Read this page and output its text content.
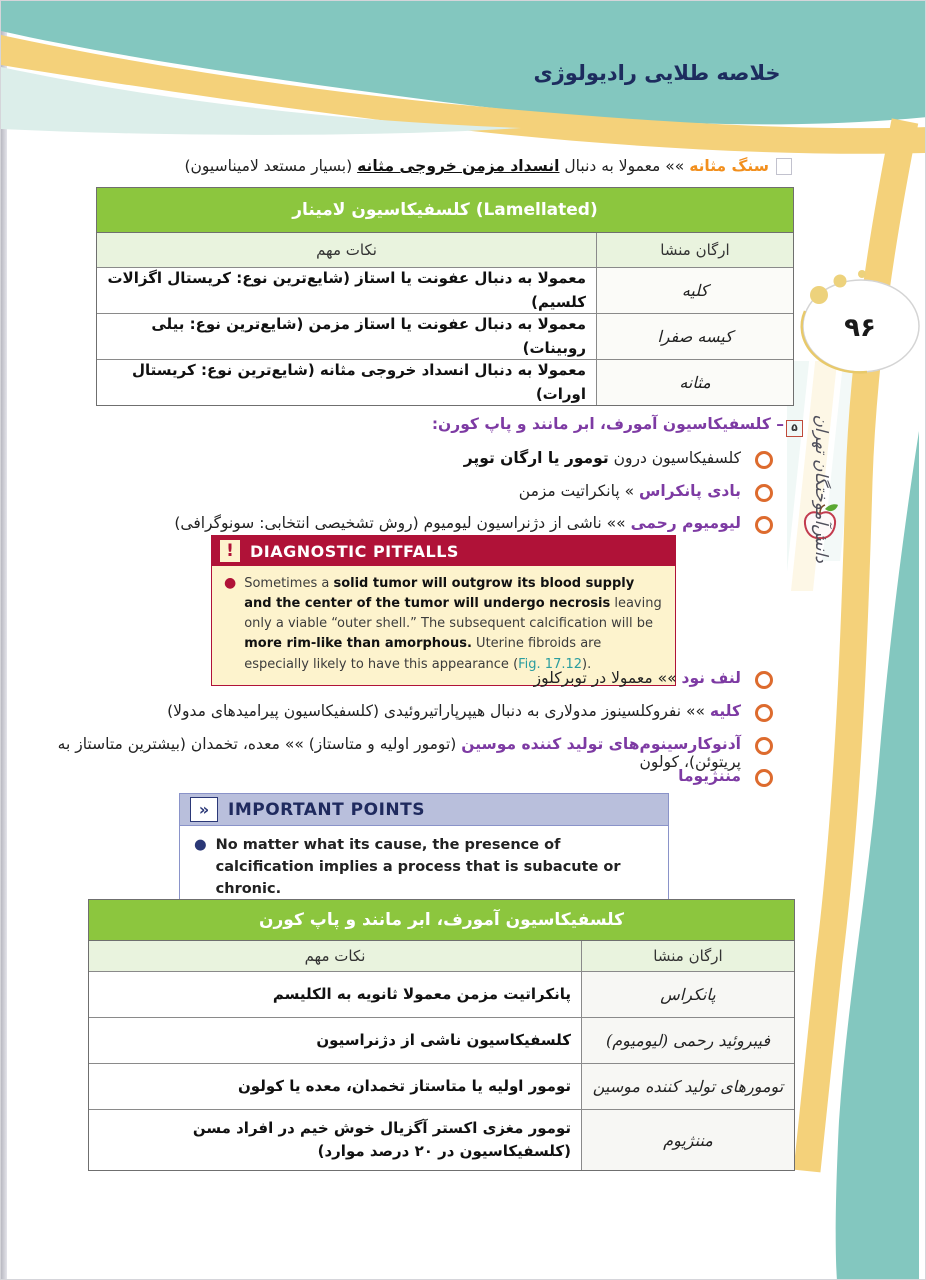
۹۶
دانش‌آموختگان تهران
خلاصه طلایی رادیولوژی
سنگ مثانه »» معمولا به دنبال انسداد مزمن خروجی مثانه (بسیار مستعد لامیناسیون)
کلسفیکاسیون لامینار (Lamellated)
ارگان منشا
نکات مهم
کلیه
معمولا به دنبال عفونت یا استاز (شایع‌ترین نوع: کریستال اگزالات کلسیم)
کیسه صفرا
معمولا به دنبال عفونت یا استاز مزمن (شایع‌ترین نوع: بیلی روبینات)
مثانه
معمولا به دنبال انسداد خروجی مثانه (شایع‌ترین نوع: کریستال اورات)
۵– کلسفیکاسیون آمورف، ابر مانند و پاپ کورن:
کلسفیکاسیون درون تومور یا ارگان توپر
بادی پانکراس » پانکراتیت مزمن
لیومیوم رحمی »» ناشی از دژنراسیون لیومیوم (روش تشخیصی انتخابی: سونوگرافی)
!	DIAGNOSTIC PITFALLS
● Sometimes a solid tumor will outgrow its blood supply and the center of the tumor will undergo necrosis leaving only a viable “outer shell.” The subsequent calcification will be more rim-like than amorphous. Uterine fibroids are especially likely to have this appearance (Fig. 17.12).
لنف نود »» معمولا در توبرکلوز
کلیه »» نفروکلسینوز مدولاری به دنبال هیپرپاراتیروئیدی (کلسفیکاسیون پیرامیدهای مدولا)
آدنوکارسینوم‌های تولید کننده موسین (تومور اولیه و متاستاز) »» معده، تخمدان (بیشترین متاستاز به پریتوئن)، کولون
مننژیوما
»	IMPORTANT POINTS
● No matter what its cause, the presence of calcification implies a process that is subacute or chronic.
کلسفیکاسیون آمورف، ابر مانند و پاپ کورن
ارگان منشا
نکات مهم
پانکراس
پانکراتیت مزمن معمولا ثانویه به الکلیسم
فیبروئید رحمی (لیومیوم)
کلسفیکاسیون ناشی از دژنراسیون
تومورهای تولید کننده موسین
تومور اولیه یا متاستاز تخمدان، معده یا کولون
مننژیوم
تومور مغزی اکستر آگزیال خوش خیم در افراد مسن (کلسفیکاسیون در ۲۰ درصد موارد)
